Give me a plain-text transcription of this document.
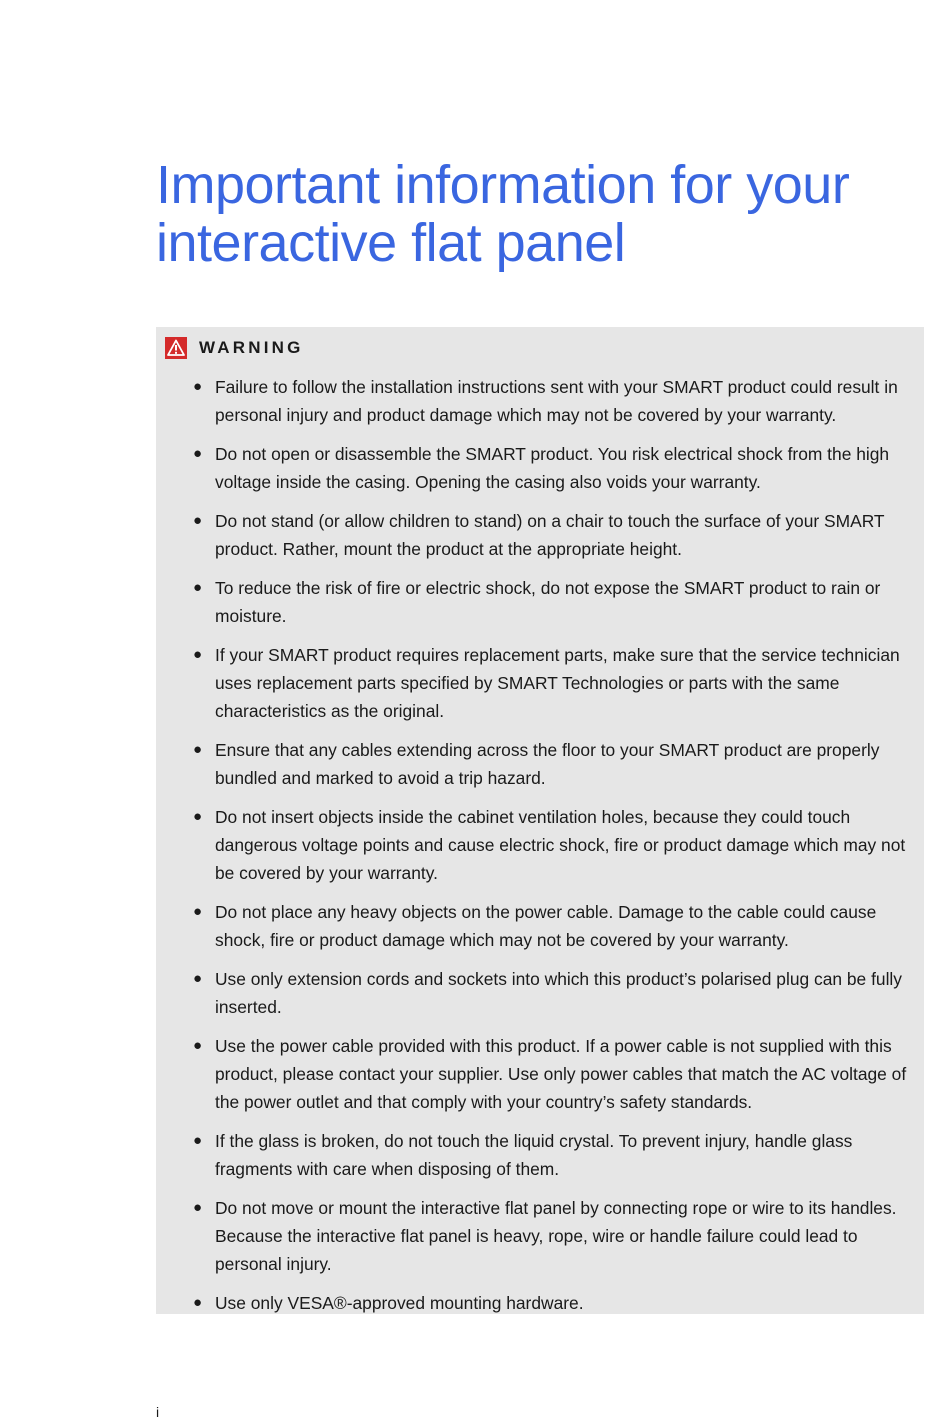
Important information for your interactive flat panel
WARNING
● Failure to follow the installation instructions sent with your SMART product could result in personal injury and product damage which may not be covered by your warranty.
● Do not open or disassemble the SMART product. You risk electrical shock from the high voltage inside the casing. Opening the casing also voids your warranty.
● Do not stand (or allow children to stand) on a chair to touch the surface of your SMART product. Rather, mount the product at the appropriate height.
● To reduce the risk of fire or electric shock, do not expose the SMART product to rain or moisture.
● If your SMART product requires replacement parts, make sure that the service technician uses replacement parts specified by SMART Technologies or parts with the same characteristics as the original.
● Ensure that any cables extending across the floor to your SMART product are properly bundled and marked to avoid a trip hazard.
● Do not insert objects inside the cabinet ventilation holes, because they could touch dangerous voltage points and cause electric shock, fire or product damage which may not be covered by your warranty.
● Do not place any heavy objects on the power cable. Damage to the cable could cause shock, fire or product damage which may not be covered by your warranty.
● Use only extension cords and sockets into which this product’s polarised plug can be fully inserted.
● Use the power cable provided with this product. If a power cable is not supplied with this product, please contact your supplier. Use only power cables that match the AC voltage of the power outlet and that comply with your country’s safety standards.
● If the glass is broken, do not touch the liquid crystal. To prevent injury, handle glass fragments with care when disposing of them.
● Do not move or mount the interactive flat panel by connecting rope or wire to its handles. Because the interactive flat panel is heavy, rope, wire or handle failure could lead to personal injury.
● Use only VESA®-approved mounting hardware.
i
